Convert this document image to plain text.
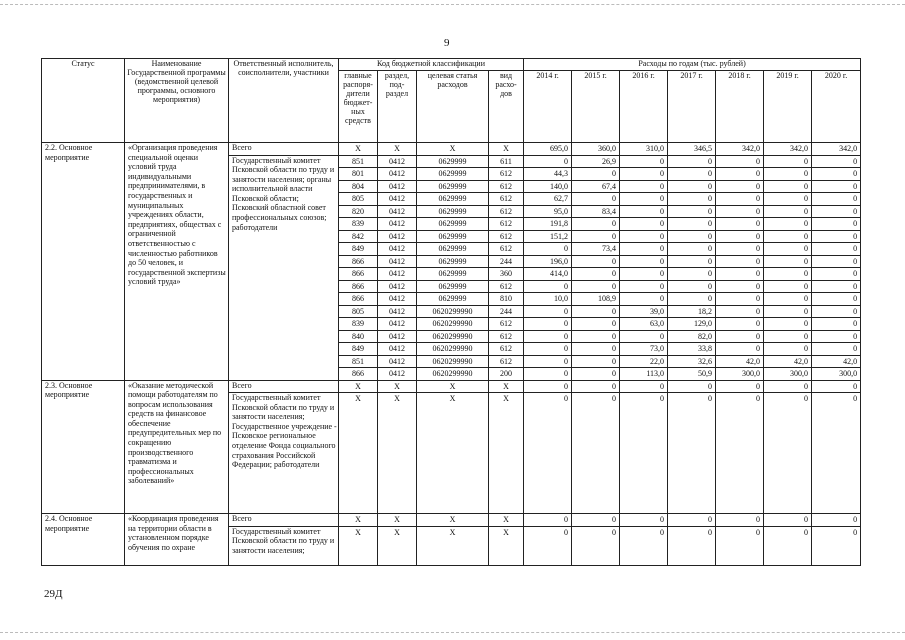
9
Статус	Наименование Государственной программы (ведомственной целевой программы, основного мероприятия)	Ответственный исполнитель, соисполнители, участники	Код бюджетной классификации				Расходы по годам (тыс. рублей)						
			главные распоря-дители бюджет-ных средств	раздел, под-раздел	целевая статья расходов	вид расхо-дов	2014 г.	2015 г.	2016 г.	2017 г.	2018 г.	2019 г.	2020 г.
2.2. Основное мероприятие	«Организация проведения специальной оценки условий труда индивидуальными предпринимателями, в государственных и муниципальных учреждениях области, предприятиях, обществах с ограниченной ответственностью с численностью работников до 50 человек, и государственной экспертизы условий труда»	Всего	X	X	X	X	695,0	360,0	310,0	346,5	342,0	342,0	342,0
		Государственный комитет Псковской области по труду и занятости населения; органы исполнительной власти Псковской области; Псковский областной совет профессиональных союзов; работодатели	851	0412	0629999	611	0	26,9	0	0	0	0	0
			801	0412	0629999	612	44,3	0	0	0	0	0	0
			804	0412	0629999	612	140,0	67,4	0	0	0	0	0
			805	0412	0629999	612	62,7	0	0	0	0	0	0
			820	0412	0629999	612	95,0	83,4	0	0	0	0	0
			839	0412	0629999	612	191,8	0	0	0	0	0	0
			842	0412	0629999	612	151,2	0	0	0	0	0	0
			849	0412	0629999	612	0	73,4	0	0	0	0	0
			866	0412	0629999	244	196,0	0	0	0	0	0	0
			866	0412	0629999	360	414,0	0	0	0	0	0	0
			866	0412	0629999	612	0	0	0	0	0	0	0
			866	0412	0629999	810	10,0	108,9	0	0	0	0	0
			805	0412	0620299990	244	0	0	39,0	18,2	0	0	0
			839	0412	0620299990	612	0	0	63,0	129,0	0	0	0
			840	0412	0620299990	612	0	0	0	82,0	0	0	0
			849	0412	0620299990	612	0	0	73,0	33,8	0	0	0
			851	0412	0620299990	612	0	0	22,0	32,6	42,0	42,0	42,0
			866	0412	0620299990	200	0	0	113,0	50,9	300,0	300,0	300,0
2.3. Основное мероприятие	«Оказание методической помощи работодателям по вопросам использования средств на финансовое обеспечение предупредительных мер по сокращению производственного травматизма и профессиональных заболеваний»	Всего	X	X	X	X	0	0	0	0	0	0	0
		Государственный комитет Псковской области по труду и занятости населения; Государственное учреждение - Псковское региональное отделение Фонда социального страхования Российской Федерации; работодатели	X	X	X	X	0	0	0	0	0	0	0
2.4. Основное мероприятие	«Координация проведения на территории области в установленном порядке обучения по охране	Всего	X	X	X	X	0	0	0	0	0	0	0
		Государственный комитет Псковской области по труду и занятости населения;	X	X	X	X	0	0	0	0	0	0	0
29Д
